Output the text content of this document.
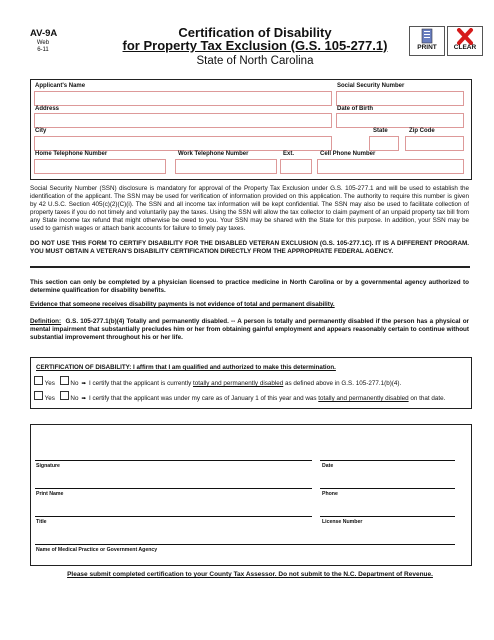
AV-9A
Web
6-11
Certification of Disability
for Property Tax Exclusion (G.S. 105-277.1)
State of North Carolina
PRINT	CLEAR
Applicant's Name	Social Security Number
Address	Date of Birth
City	State	Zip Code
Home Telephone Number	Work Telephone Number	Ext.	Cell Phone Number
Social Security Number (SSN) disclosure is mandatory for approval of the Property Tax Exclusion under G.S. 105-277.1 and will be used to establish the identification of the applicant. The SSN may be used for verification of information provided on this application. The authority to require this number is given by 42 U.S.C. Section 405(c)(2)(C)(i). The SSN and all income tax information will be kept confidential. The SSN may also be used to facilitate collection of property taxes if you do not timely and voluntarily pay the taxes. Using the SSN will allow the tax collector to claim payment of an unpaid property tax bill from any State income tax refund that might otherwise be owed to you. Your SSN may be shared with the State for this purpose. In addition, your SSN may be used to garnish wages or attach bank accounts for failure to timely pay taxes.
DO NOT USE THIS FORM TO CERTIFY DISABILITY FOR THE DISABLED VETERAN EXCLUSION (G.S. 105-277.1C). IT IS A DIFFERENT PROGRAM. YOU MUST OBTAIN A VETERAN'S DISABILITY CERTIFICATION DIRECTLY FROM THE APPROPRIATE FEDERAL AGENCY.
This section can only be completed by a physician licensed to practice medicine in North Carolina or by a governmental agency authorized to determine qualification for disability benefits.
Evidence that someone receives disability payments is not evidence of total and permanent disability.
Definition: G.S. 105-277.1(b)(4) Totally and permanently disabled. -- A person is totally and permanently disabled if the person has a physical or mental impairment that substantially precludes him or her from obtaining gainful employment and appears reasonably certain to continue without substantial improvement throughout his or her life.
CERTIFICATION OF DISABILITY: I affirm that I am qualified and authorized to make this determination.
Yes No ➠ I certify that the applicant is currently totally and permanently disabled as defined above in G.S. 105-277.1(b)(4).
Yes No ➠ I certify that the applicant was under my care as of January 1 of this year and was totally and permanently disabled on that date.
Signature	Date
Print Name	Phone
Title	License Number
Name of Medical Practice or Government Agency
Please submit completed certification to your County Tax Assessor. Do not submit to the N.C. Department of Revenue.
